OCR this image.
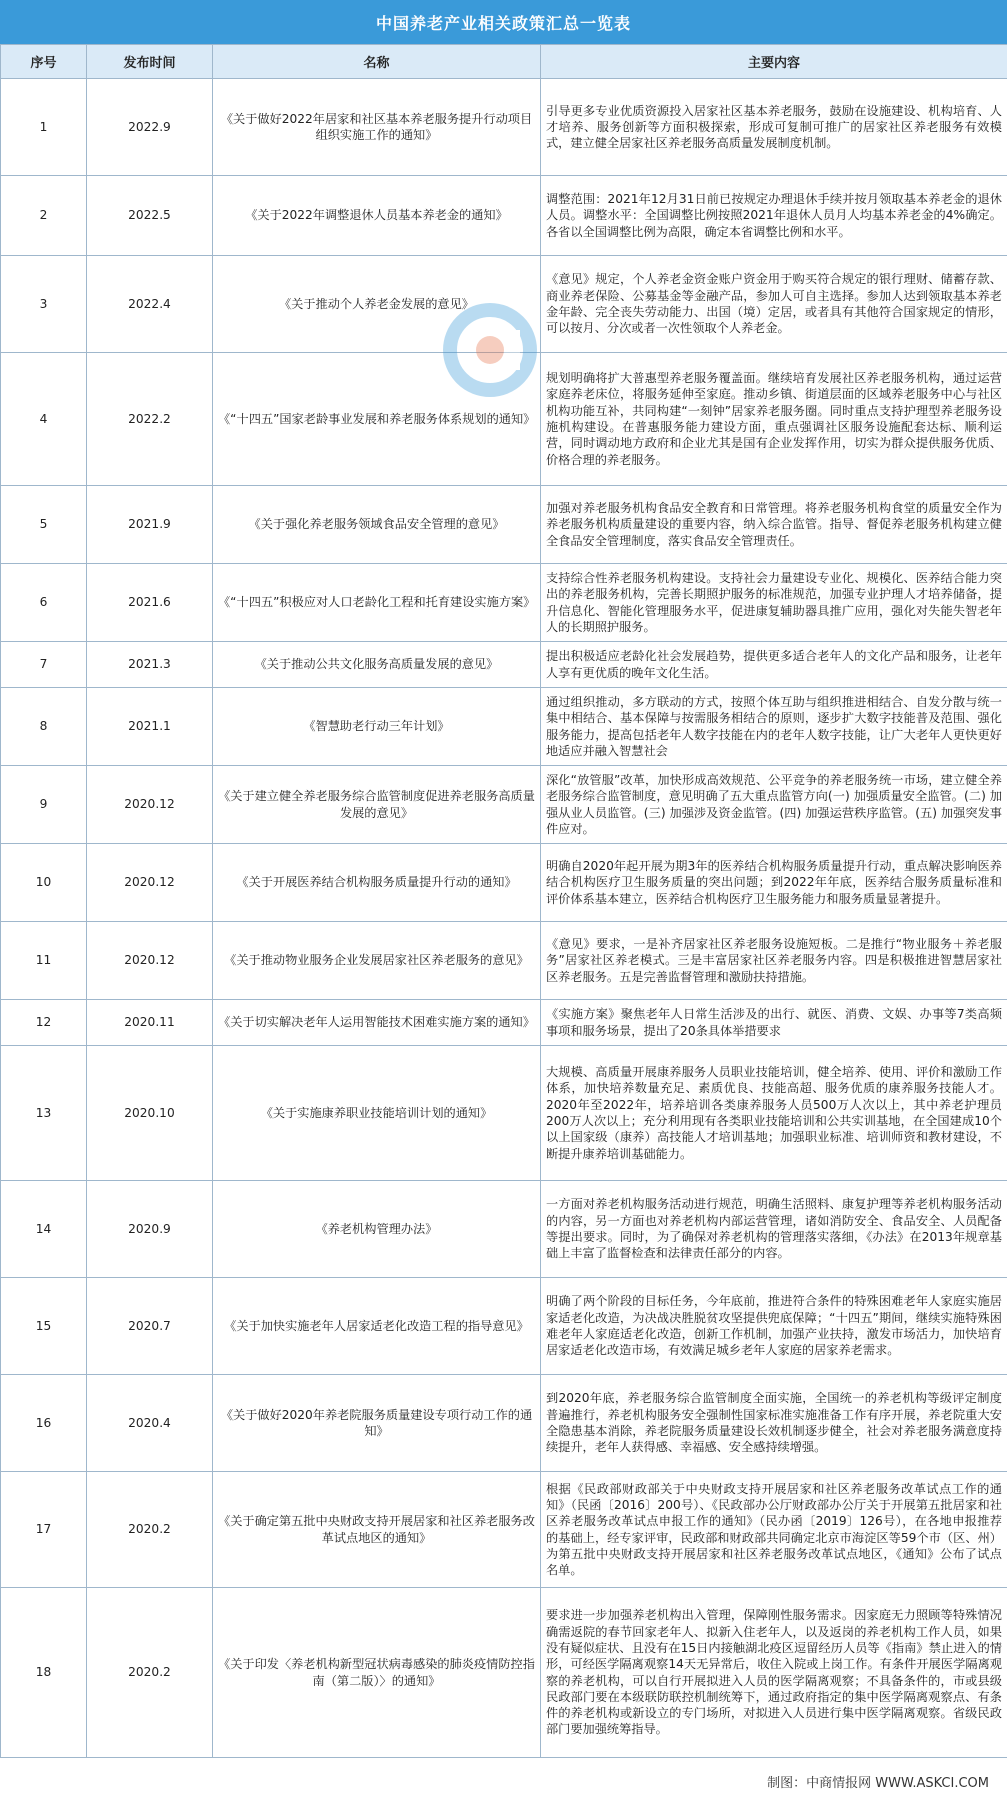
中国养老产业相关政策汇总一览表
序号	发布时间	名称	主要内容
1	2022.9	《关于做好2022年居家和社区基本养老服务提升行动项目组织实施工作的通知》	引导更多专业优质资源投入居家社区基本养老服务，鼓励在设施建设、机构培育、人才培养、服务创新等方面积极探索，形成可复制可推广的居家社区养老服务有效模式，建立健全居家社区养老服务高质量发展制度机制。
2	2022.5	《关于2022年调整退休人员基本养老金的通知》	调整范围：2021年12月31日前已按规定办理退休手续并按月领取基本养老金的退休人员。调整水平：全国调整比例按照2021年退休人员月人均基本养老金的4%确定。各省以全国调整比例为高限，确定本省调整比例和水平。
3	2022.4	《关于推动个人养老金发展的意见》	《意见》规定，个人养老金资金账户资金用于购买符合规定的银行理财、储蓄存款、商业养老保险、公募基金等金融产品，参加人可自主选择。参加人达到领取基本养老金年龄、完全丧失劳动能力、出国（境）定居，或者具有其他符合国家规定的情形，可以按月、分次或者一次性领取个人养老金。
4	2022.2	《“十四五”国家老龄事业发展和养老服务体系规划的通知》	规划明确将扩大普惠型养老服务覆盖面。继续培育发展社区养老服务机构，通过运营家庭养老床位，将服务延伸至家庭。推动乡镇、街道层面的区域养老服务中心与社区机构功能互补，共同构建“一刻钟”居家养老服务圈。同时重点支持护理型养老服务设施机构建设。在普惠服务能力建设方面，重点强调社区服务设施配套达标、顺利运营，同时调动地方政府和企业尤其是国有企业发挥作用，切实为群众提供服务优质、价格合理的养老服务。
5	2021.9	《关于强化养老服务领域食品安全管理的意见》	加强对养老服务机构食品安全教育和日常管理。将养老服务机构食堂的质量安全作为养老服务机构质量建设的重要内容，纳入综合监管。指导、督促养老服务机构建立健全食品安全管理制度，落实食品安全管理责任。
6	2021.6	《“十四五”积极应对人口老龄化工程和托育建设实施方案》	支持综合性养老服务机构建设。支持社会力量建设专业化、规模化、医养结合能力突出的养老服务机构，完善长期照护服务的标准规范，加强专业护理人才培养储备，提升信息化、智能化管理服务水平，促进康复辅助器具推广应用，强化对失能失智老年人的长期照护服务。
7	2021.3	《关于推动公共文化服务高质量发展的意见》	提出积极适应老龄化社会发展趋势，提供更多适合老年人的文化产品和服务，让老年人享有更优质的晚年文化生活。
8	2021.1	《智慧助老行动三年计划》	通过组织推动，多方联动的方式，按照个体互助与组织推进相结合、自发分散与统一集中相结合、基本保障与按需服务相结合的原则，逐步扩大数字技能普及范围、强化服务能力，提高包括老年人数字技能在内的老年人数字技能，让广大老年人更快更好地适应并融入智慧社会
9	2020.12	《关于建立健全养老服务综合监管制度促进养老服务高质量发展的意见》	深化“放管服”改革，加快形成高效规范、公平竞争的养老服务统一市场，建立健全养老服务综合监管制度，意见明确了五大重点监管方向(一) 加强质量安全监管。(二) 加强从业人员监管。(三) 加强涉及资金监管。(四) 加强运营秩序监管。(五) 加强突发事件应对。
10	2020.12	《关于开展医养结合机构服务质量提升行动的通知》	明确自2020年起开展为期3年的医养结合机构服务质量提升行动，重点解决影响医养结合机构医疗卫生服务质量的突出问题；到2022年年底，医养结合服务质量标准和评价体系基本建立，医养结合机构医疗卫生服务能力和服务质量显著提升。
11	2020.12	《关于推动物业服务企业发展居家社区养老服务的意见》	《意见》要求，一是补齐居家社区养老服务设施短板。二是推行“物业服务＋养老服务”居家社区养老模式。三是丰富居家社区养老服务内容。四是积极推进智慧居家社区养老服务。五是完善监督管理和激励扶持措施。
12	2020.11	《关于切实解决老年人运用智能技术困难实施方案的通知》	《实施方案》聚焦老年人日常生活涉及的出行、就医、消费、文娱、办事等7类高频事项和服务场景，提出了20条具体举措要求
13	2020.10	《关于实施康养职业技能培训计划的通知》	大规模、高质量开展康养服务人员职业技能培训，健全培养、使用、评价和激励工作体系，加快培养数量充足、素质优良、技能高超、服务优质的康养服务技能人才。2020年至2022年，培养培训各类康养服务人员500万人次以上，其中养老护理员200万人次以上；充分利用现有各类职业技能培训和公共实训基地，在全国建成10个以上国家级（康养）高技能人才培训基地；加强职业标准、培训师资和教材建设，不断提升康养培训基础能力。
14	2020.9	《养老机构管理办法》	一方面对养老机构服务活动进行规范，明确生活照料、康复护理等养老机构服务活动的内容，另一方面也对养老机构内部运营管理，诸如消防安全、食品安全、人员配备等提出要求。同时，为了确保对养老机构的管理落实落细，《办法》在2013年规章基础上丰富了监督检查和法律责任部分的内容。
15	2020.7	《关于加快实施老年人居家适老化改造工程的指导意见》	明确了两个阶段的目标任务，今年底前，推进符合条件的特殊困难老年人家庭实施居家适老化改造，为决战决胜脱贫攻坚提供兜底保障；“十四五”期间，继续实施特殊困难老年人家庭适老化改造，创新工作机制，加强产业扶持，激发市场活力，加快培育居家适老化改造市场，有效满足城乡老年人家庭的居家养老需求。
16	2020.4	《关于做好2020年养老院服务质量建设专项行动工作的通知》	到2020年底，养老服务综合监管制度全面实施，全国统一的养老机构等级评定制度普遍推行，养老机构服务安全强制性国家标准实施准备工作有序开展，养老院重大安全隐患基本消除，养老院服务质量建设长效机制逐步健全，社会对养老服务满意度持续提升，老年人获得感、幸福感、安全感持续增强。
17	2020.2	《关于确定第五批中央财政支持开展居家和社区养老服务改革试点地区的通知》	根据《民政部财政部关于中央财政支持开展居家和社区养老服务改革试点工作的通知》（民函〔2016〕200号）、《民政部办公厅财政部办公厅关于开展第五批居家和社区养老服务改革试点申报工作的通知》（民办函〔2019〕126号），在各地申报推荐的基础上，经专家评审，民政部和财政部共同确定北京市海淀区等59个市（区、州）为第五批中央财政支持开展居家和社区养老服务改革试点地区，《通知》公布了试点名单。
18	2020.2	《关于印发〈养老机构新型冠状病毒感染的肺炎疫情防控指南（第二版）〉的通知》	要求进一步加强养老机构出入管理，保障刚性服务需求。因家庭无力照顾等特殊情况确需返院的春节回家老年人、拟新入住老年人，以及返岗的养老机构工作人员，如果没有疑似症状、且没有在15日内接触湖北疫区逗留经历人员等《指南》禁止进入的情形，可经医学隔离观察14天无异常后，收住入院或上岗工作。有条件开展医学隔离观察的养老机构，可以自行开展拟进入人员的医学隔离观察；不具备条件的，市或县级民政部门要在本级联防联控机制统筹下，通过政府指定的集中医学隔离观察点、有条件的养老机构或新设立的专门场所，对拟进入人员进行集中医学隔离观察。省级民政部门要加强统筹指导。
制图：中商情报网 WWW.ASKCI.COM
